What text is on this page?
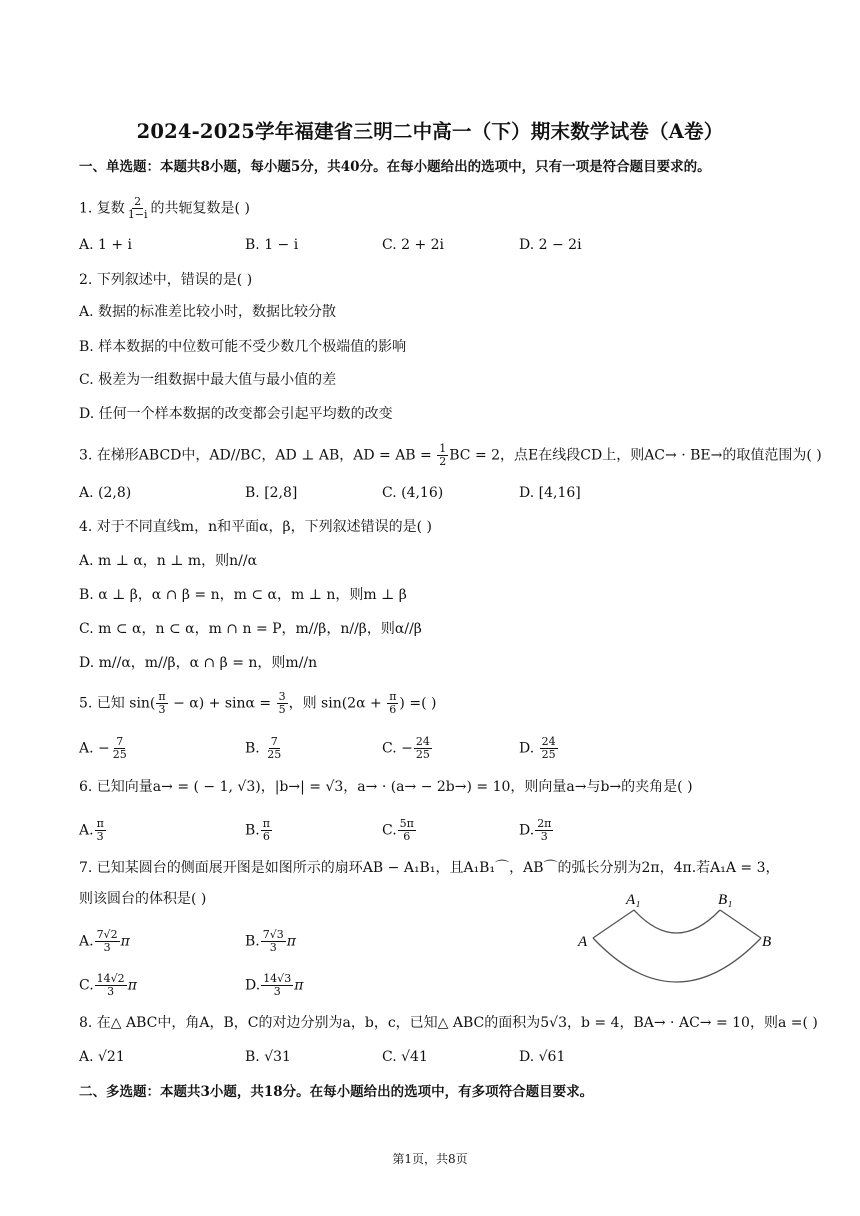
2024-2025学年福建省三明二中高一（下）期末数学试卷（A卷）
一、单选题：本题共8小题，每小题5分，共40分。在每小题给出的选项中，只有一项是符合题目要求的。
1. 复数 $\frac{2}{1-i}$ 的共轭复数是( )
A. 1 + i	B. 1 − i	C. 2 + 2i	D. 2 − 2i
2. 下列叙述中，错误的是( )
A. 数据的标准差比较小时，数据比较分散
B. 样本数据的中位数可能不受少数几个极端值的影响
C. 极差为一组数据中最大值与最小值的差
D. 任何一个样本数据的改变都会引起平均数的改变
3. 在梯形ABCD中，AD//BC，AD ⊥ AB，AD = AB = $\frac{1}{2}$ BC = 2，点E在线段CD上，则AC→ · BE→的取值范围为( )
A. (2,8)	B. [2,8]	C. (4,16)	D. [4,16]
4. 对于不同直线m，n和平面α，β，下列叙述错误的是( )
A. m ⊥ α，n ⊥ m，则n//α
B. α ⊥ β，α ∩ β = n，m ⊂ α，m ⊥ n，则m ⊥ β
C. m ⊂ α，n ⊂ α，m ∩ n = P，m//β，n//β，则α//β
D. m//α，m//β，α ∩ β = n，则m//n
5. 已知 $\sin( \frac{\pi}{3} - \alpha) + \sin\alpha = \frac{3}{5}$ ，则 $\sin(2\alpha + \frac{\pi}{6}$ ) =( )
A. − $\frac{7}{25}$	B. $\frac{7}{25}$	C. − $\frac{24}{25}$	D. $\frac{24}{25}$
6. 已知向量a→ = ( − 1, √3)，|b→| = √3，a→ · (a→ − 2b→) = 10，则向量a→与b→的夹角是( )
A. $\frac{\pi}{3}$	B. $\frac{\pi}{6}$	C. $\frac{5\pi}{6}$	D. $\frac{2\pi}{3}$
7. 已知某圆台的侧面展开图是如图所示的扇环AB − A₁B₁，且A₁B₁⌒，AB⌒的弧长分别为2π，4π.若A₁A = 3，
则该圆台的体积是( )
A. $\frac{7√2}{3}$ π	B. $\frac{7√3}{3}$ π
C. $\frac{14√2}{3}$ π	D. $\frac{14√3}{3}$ π
A	B
A₁	B₁
8. 在△ ABC中，角A，B，C的对边分别为a，b，c，已知△ ABC的面积为5√3，b = 4，BA→ · AC→ = 10，则a =( )
A. √21	B. √31	C. √41	D. √61
二、多选题：本题共3小题，共18分。在每小题给出的选项中，有多项符合题目要求。
第1页，共8页
